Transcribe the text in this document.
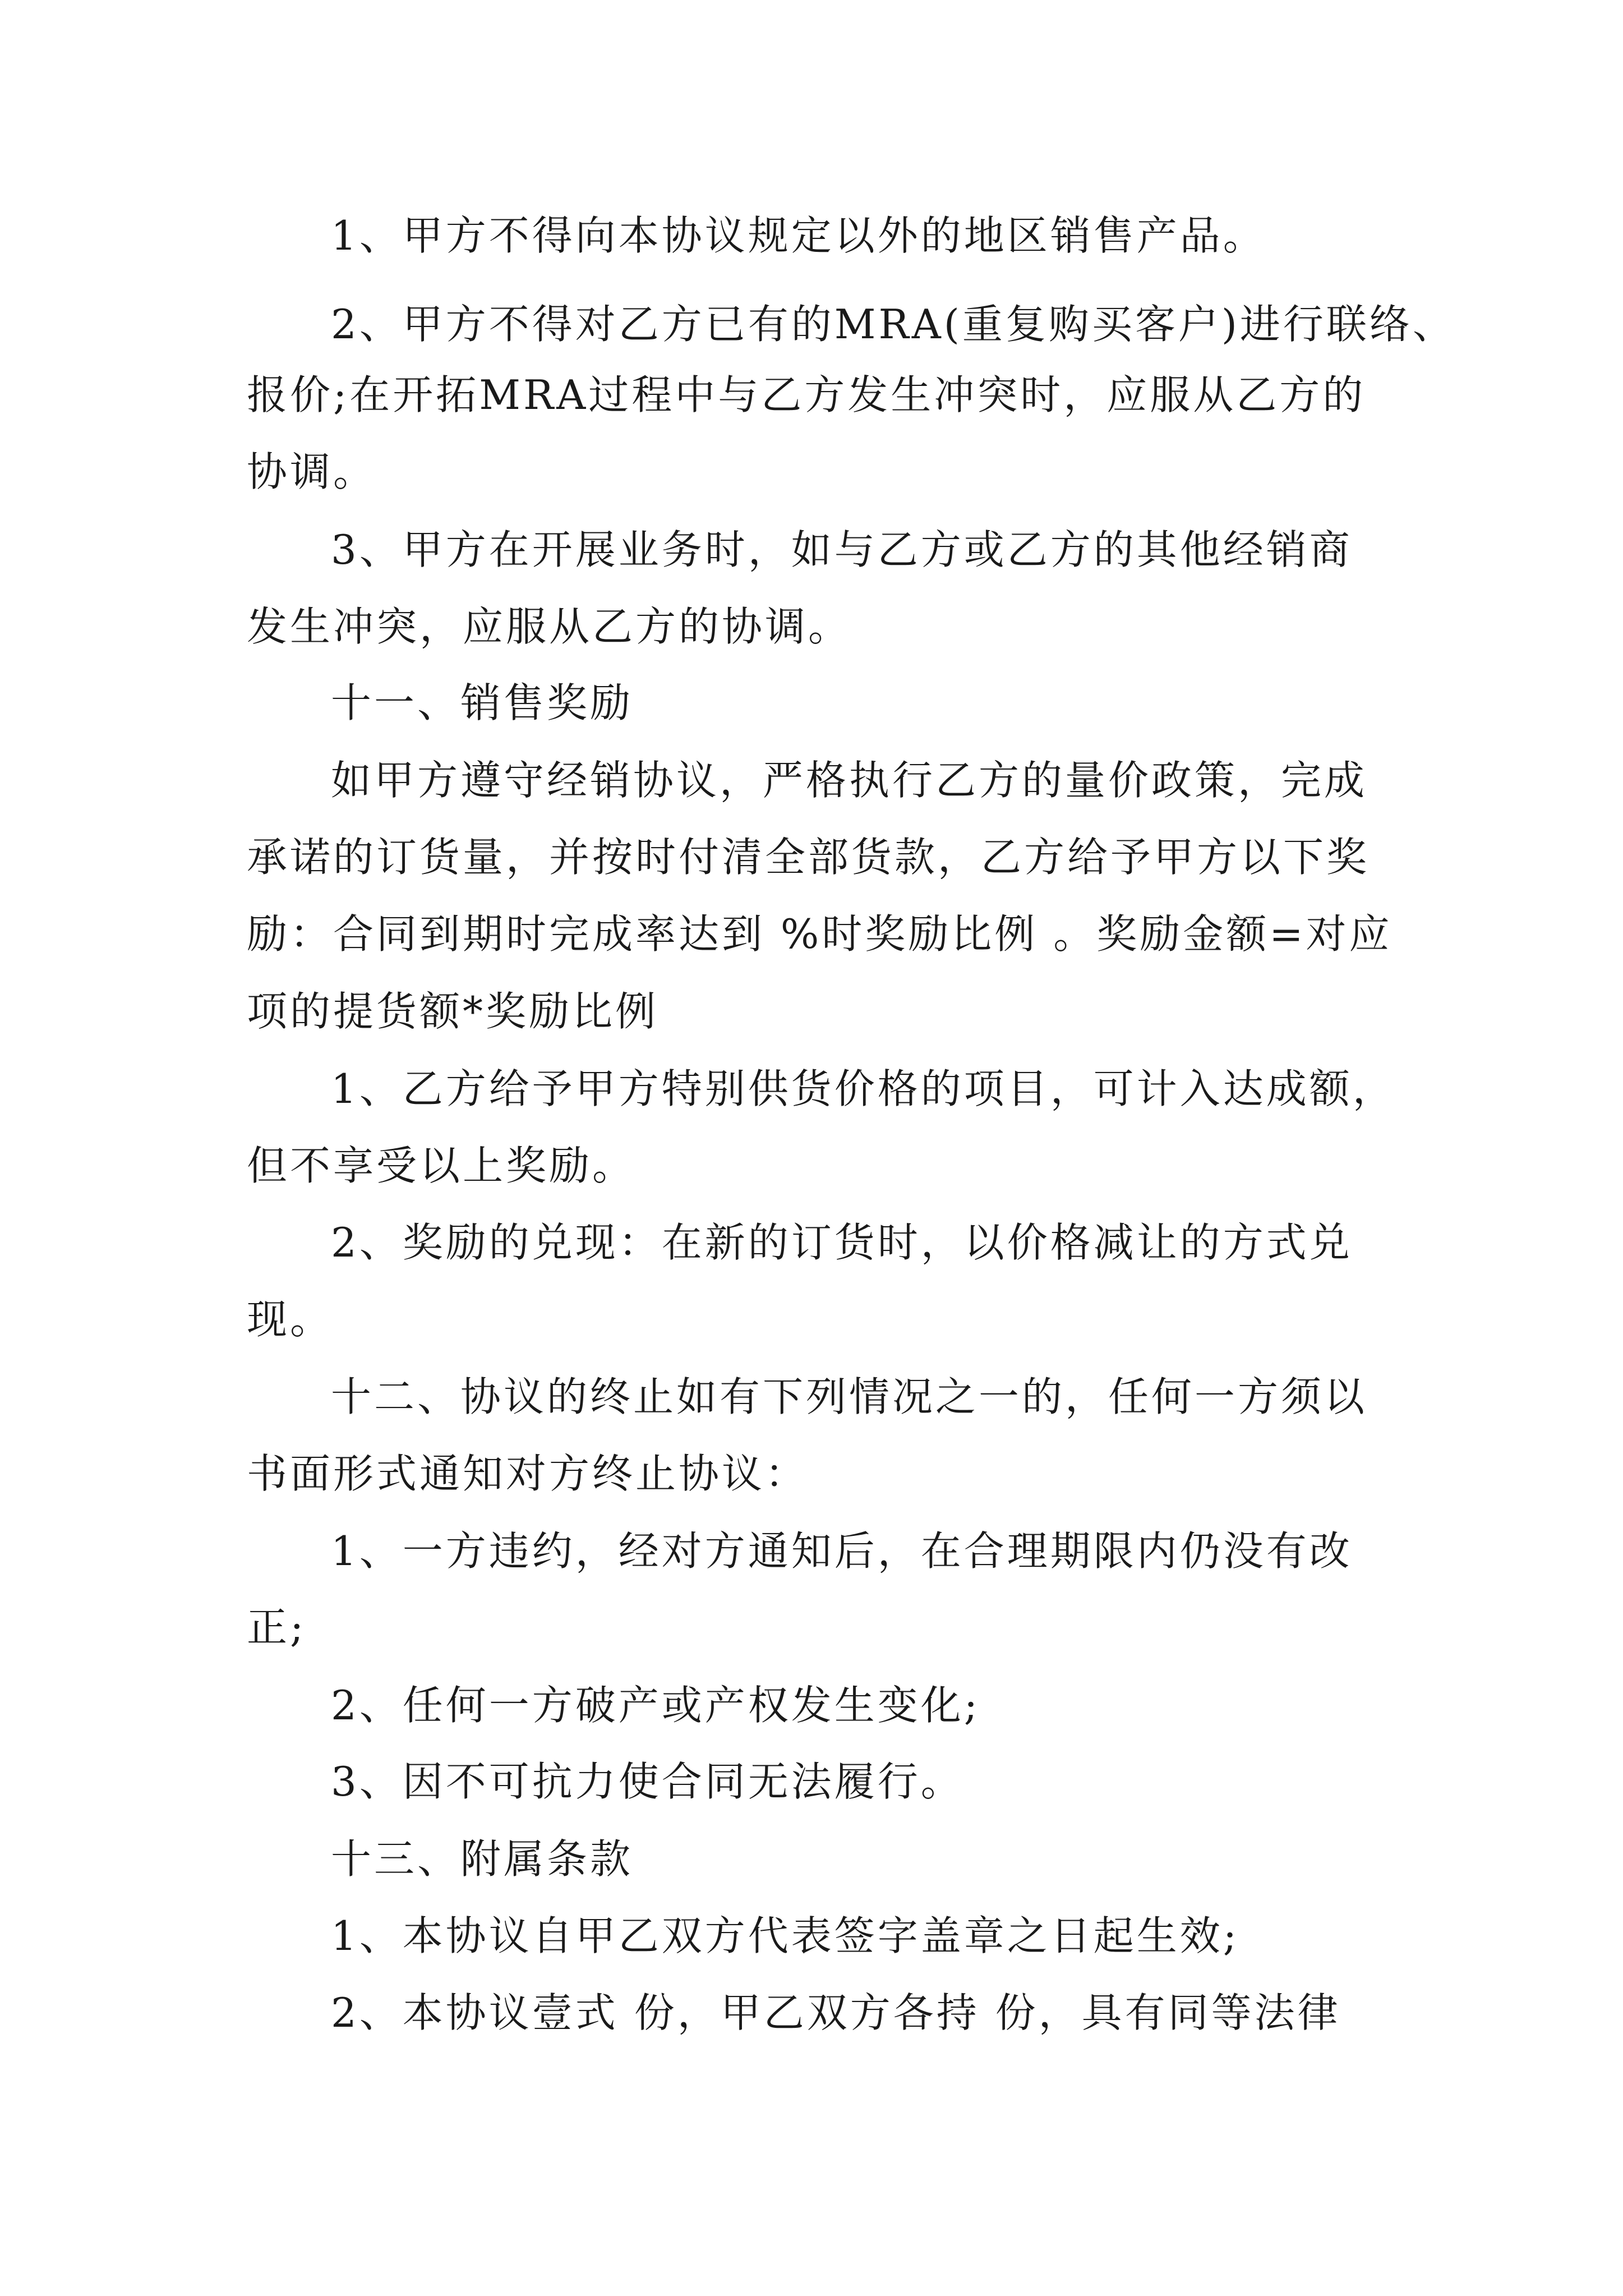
1、甲方不得向本协议规定以外的地区销售产品。
2、甲方不得对乙方已有的MRA(重复购买客户)进行联络、
报价;在开拓MRA过程中与乙方发生冲突时，应服从乙方的
协调。
3、甲方在开展业务时，如与乙方或乙方的其他经销商
发生冲突，应服从乙方的协调。
十一、销售奖励
如甲方遵守经销协议，严格执行乙方的量价政策，完成
承诺的订货量，并按时付清全部货款，乙方给予甲方以下奖
励：合同到期时完成率达到 %时奖励比例 。奖励金额=对应
项的提货额*奖励比例
1、乙方给予甲方特别供货价格的项目，可计入达成额，
但不享受以上奖励。
2、奖励的兑现：在新的订货时，以价格减让的方式兑
现。
十二、协议的终止如有下列情况之一的，任何一方须以
书面形式通知对方终止协议：
1、一方违约，经对方通知后，在合理期限内仍没有改
正;
2、任何一方破产或产权发生变化;
3、因不可抗力使合同无法履行。
十三、附属条款
1、本协议自甲乙双方代表签字盖章之日起生效;
2、本协议壹式 份，甲乙双方各持 份，具有同等法律
